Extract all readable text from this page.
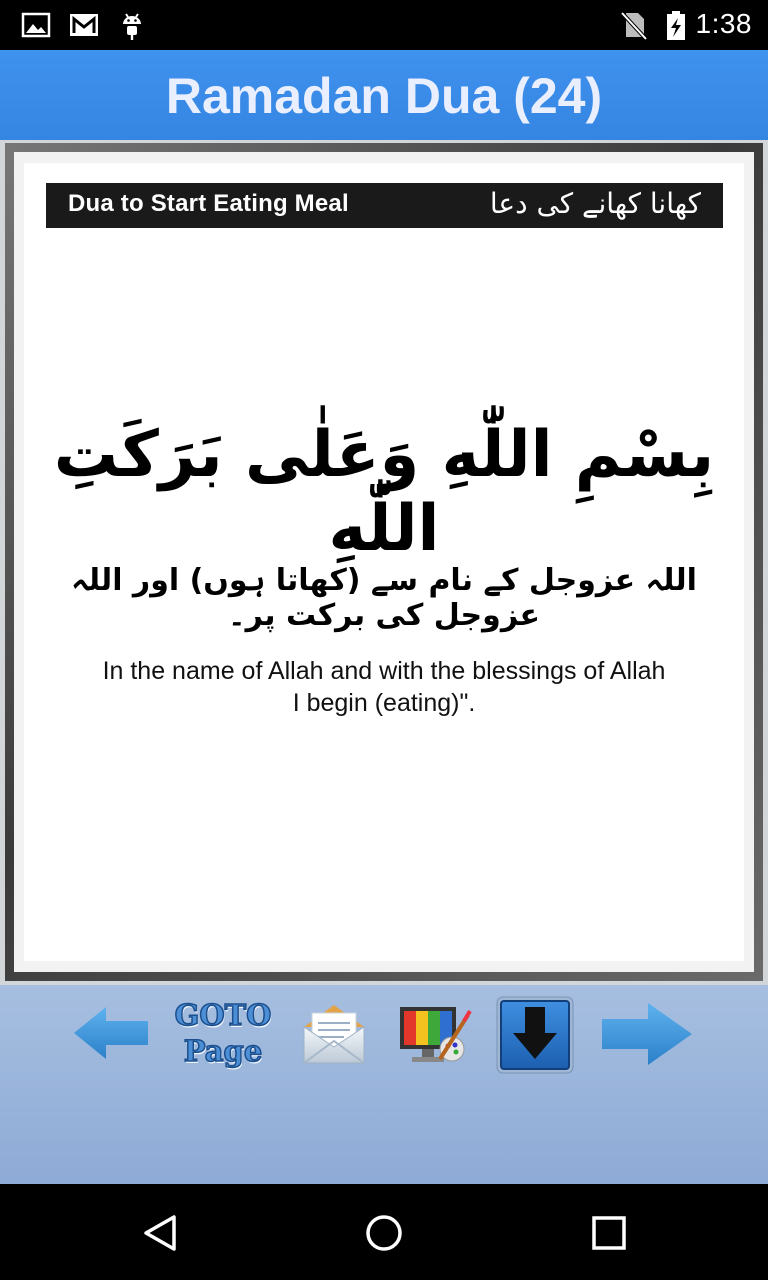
1:38
Ramadan Dua (24)
Dua to Start Eating Meal	کھانا کھانے کی دعا
بِسْمِ اللّٰهِ وَعَلٰی بَرَكَتِ اللّٰهِ
اللہ عزوجل کے نام سے (کھاتا ہوں) اور اللہ عزوجل کی برکت پر۔
In the name of Allah and with the blessings of Allah
I begin (eating)".
GOTO
Page
